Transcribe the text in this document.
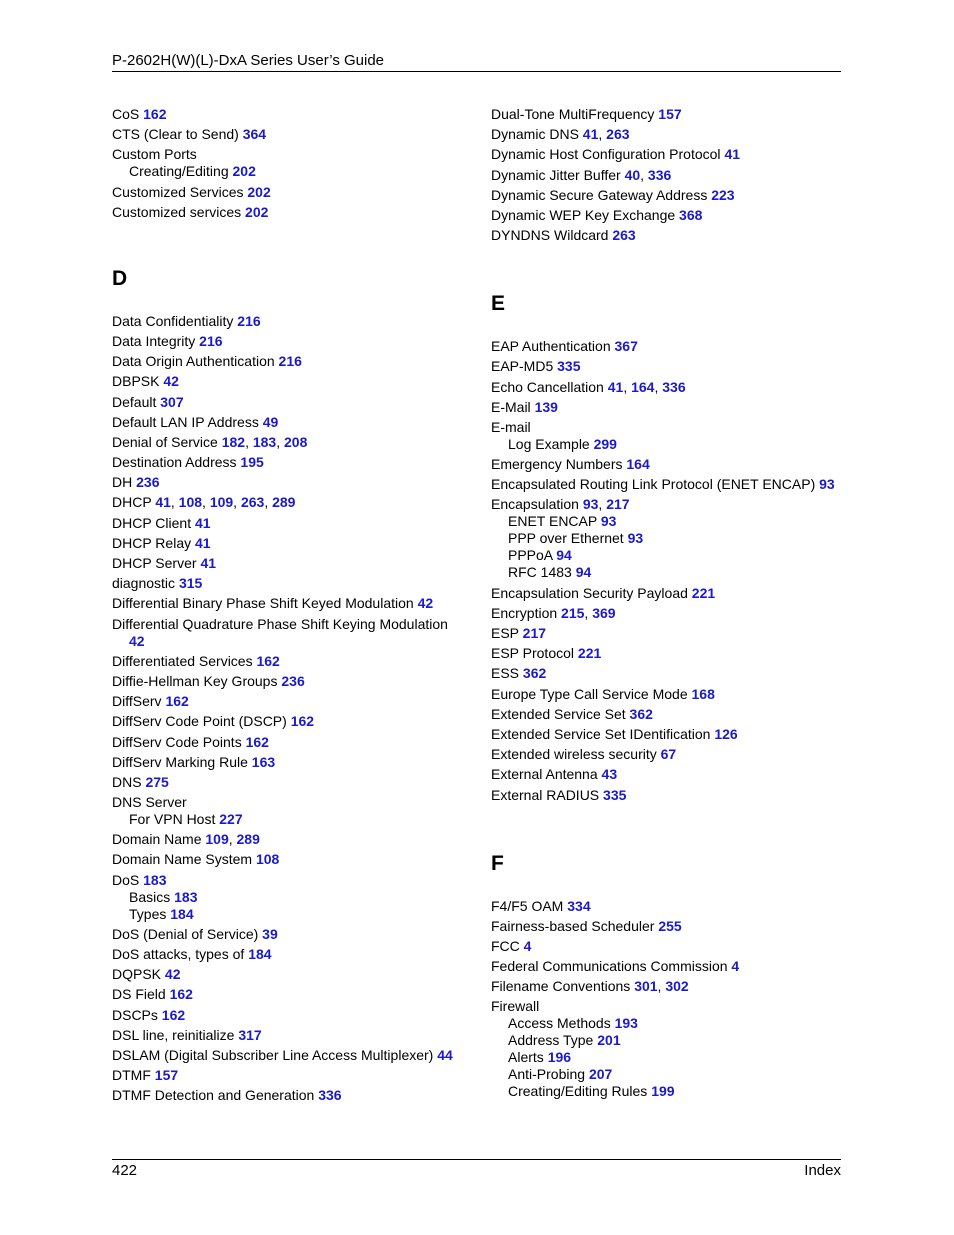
P-2602H(W)(L)-DxA Series User’s Guide
CoS 162
CTS (Clear to Send) 364
Custom Ports
Creating/Editing 202
Customized Services 202
Customized services 202
D
Data Confidentiality 216
Data Integrity 216
Data Origin Authentication 216
DBPSK 42
Default 307
Default LAN IP Address 49
Denial of Service 182, 183, 208
Destination Address 195
DH 236
DHCP 41, 108, 109, 263, 289
DHCP Client 41
DHCP Relay 41
DHCP Server 41
diagnostic 315
Differential Binary Phase Shift Keyed Modulation 42
Differential Quadrature Phase Shift Keying Modulation
42
Differentiated Services 162
Diffie-Hellman Key Groups 236
DiffServ 162
DiffServ Code Point (DSCP) 162
DiffServ Code Points 162
DiffServ Marking Rule 163
DNS 275
DNS Server
For VPN Host 227
Domain Name 109, 289
Domain Name System 108
DoS 183
Basics 183
Types 184
DoS (Denial of Service) 39
DoS attacks, types of 184
DQPSK 42
DS Field 162
DSCPs 162
DSL line, reinitialize 317
DSLAM (Digital Subscriber Line Access Multiplexer) 44
DTMF 157
DTMF Detection and Generation 336
Dual-Tone MultiFrequency 157
Dynamic DNS 41, 263
Dynamic Host Configuration Protocol 41
Dynamic Jitter Buffer 40, 336
Dynamic Secure Gateway Address 223
Dynamic WEP Key Exchange 368
DYNDNS Wildcard 263
E
EAP Authentication 367
EAP-MD5 335
Echo Cancellation 41, 164, 336
E-Mail 139
E-mail
Log Example 299
Emergency Numbers 164
Encapsulated Routing Link Protocol (ENET ENCAP) 93
Encapsulation 93, 217
ENET ENCAP 93
PPP over Ethernet 93
PPPoA 94
RFC 1483 94
Encapsulation Security Payload 221
Encryption 215, 369
ESP 217
ESP Protocol 221
ESS 362
Europe Type Call Service Mode 168
Extended Service Set 362
Extended Service Set IDentification 126
Extended wireless security 67
External Antenna 43
External RADIUS 335
F
F4/F5 OAM 334
Fairness-based Scheduler 255
FCC 4
Federal Communications Commission 4
Filename Conventions 301, 302
Firewall
Access Methods 193
Address Type 201
Alerts 196
Anti-Probing 207
Creating/Editing Rules 199
422	Index
